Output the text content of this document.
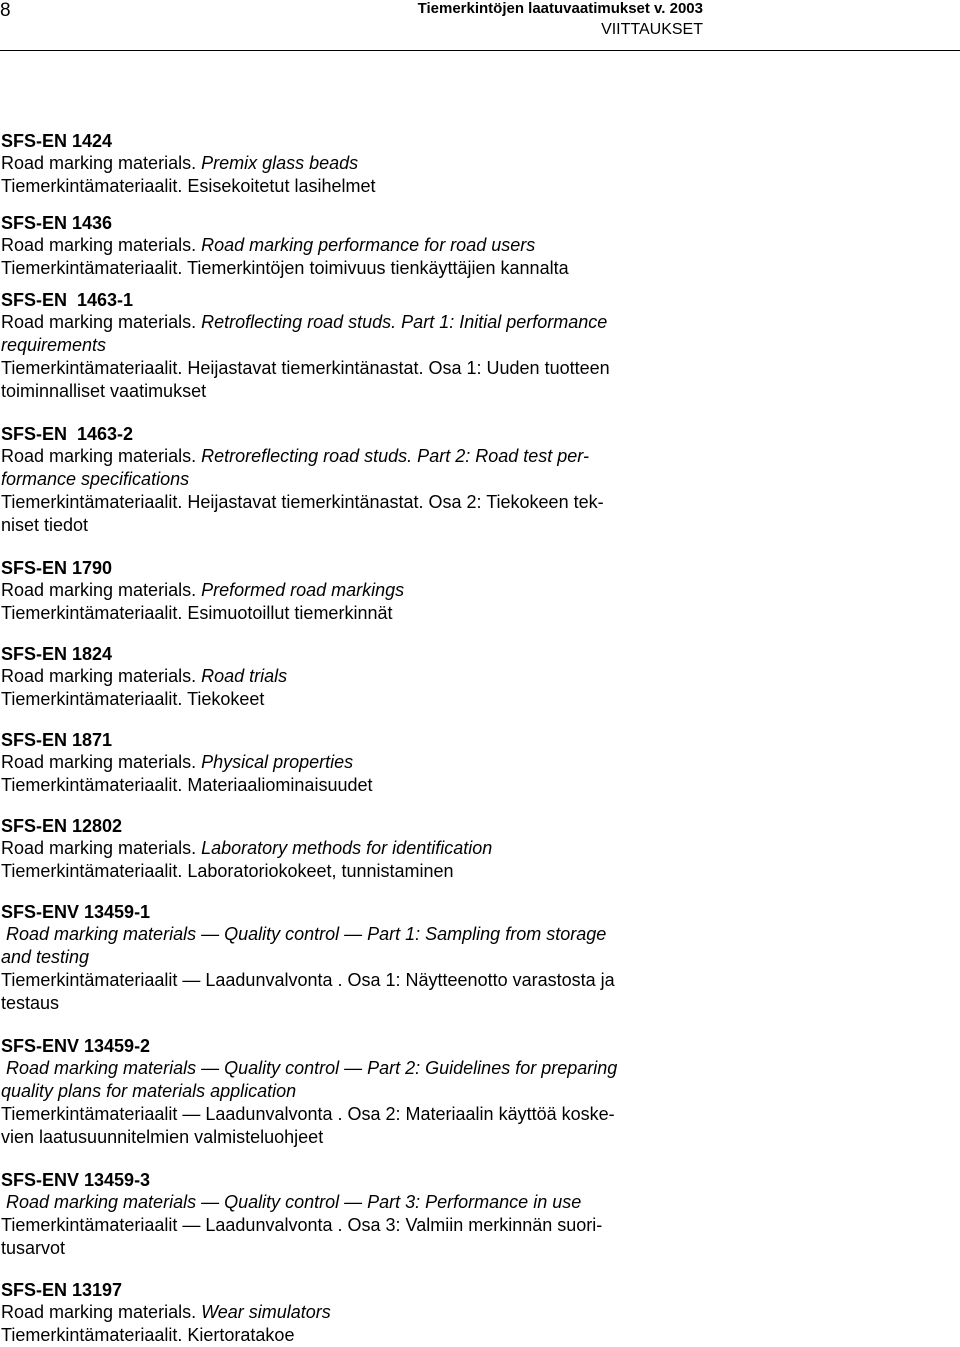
8	Tiemerkintöjen laatuvaatimukset v. 2003
VIITTAUKSET
SFS-EN 1424
Road marking materials. Premix glass beads
Tiemerkintämateriaalit. Esisekoitetut lasihelmet
SFS-EN 1436
Road marking materials. Road marking performance for road users
Tiemerkintämateriaalit. Tiemerkintöjen toimivuus tienkäyttäjien kannalta
SFS-EN  1463-1
Road marking materials. Retroflecting road studs. Part 1: Initial performance
requirements
Tiemerkintämateriaalit. Heijastavat tiemerkintänastat. Osa 1: Uuden tuotteen
toiminnalliset vaatimukset
SFS-EN  1463-2
Road marking materials. Retroreflecting road studs. Part 2: Road test per-
formance specifications
Tiemerkintämateriaalit. Heijastavat tiemerkintänastat. Osa 2: Tiekokeen tek-
niset tiedot
SFS-EN 1790
Road marking materials. Preformed road markings
Tiemerkintämateriaalit. Esimuotoillut tiemerkinnät
SFS-EN 1824
Road marking materials. Road trials
Tiemerkintämateriaalit. Tiekokeet
SFS-EN 1871
Road marking materials. Physical properties
Tiemerkintämateriaalit. Materiaaliominaisuudet
SFS-EN 12802
Road marking materials. Laboratory methods for identification
Tiemerkintämateriaalit. Laboratoriokokeet, tunnistaminen
SFS-ENV 13459-1
Road marking materials — Quality control — Part 1: Sampling from storage
and testing
Tiemerkintämateriaalit — Laadunvalvonta . Osa 1: Näytteenotto varastosta ja
testaus
SFS-ENV 13459-2
Road marking materials — Quality control — Part 2: Guidelines for preparing
quality plans for materials application
Tiemerkintämateriaalit — Laadunvalvonta . Osa 2: Materiaalin käyttöä koske-
vien laatusuunnitelmien valmisteluohjeet
SFS-ENV 13459-3
Road marking materials — Quality control — Part 3: Performance in use
Tiemerkintämateriaalit — Laadunvalvonta . Osa 3: Valmiin merkinnän suori-
tusarvot
SFS-EN 13197
Road marking materials. Wear simulators
Tiemerkintämateriaalit. Kiertoratakoe
